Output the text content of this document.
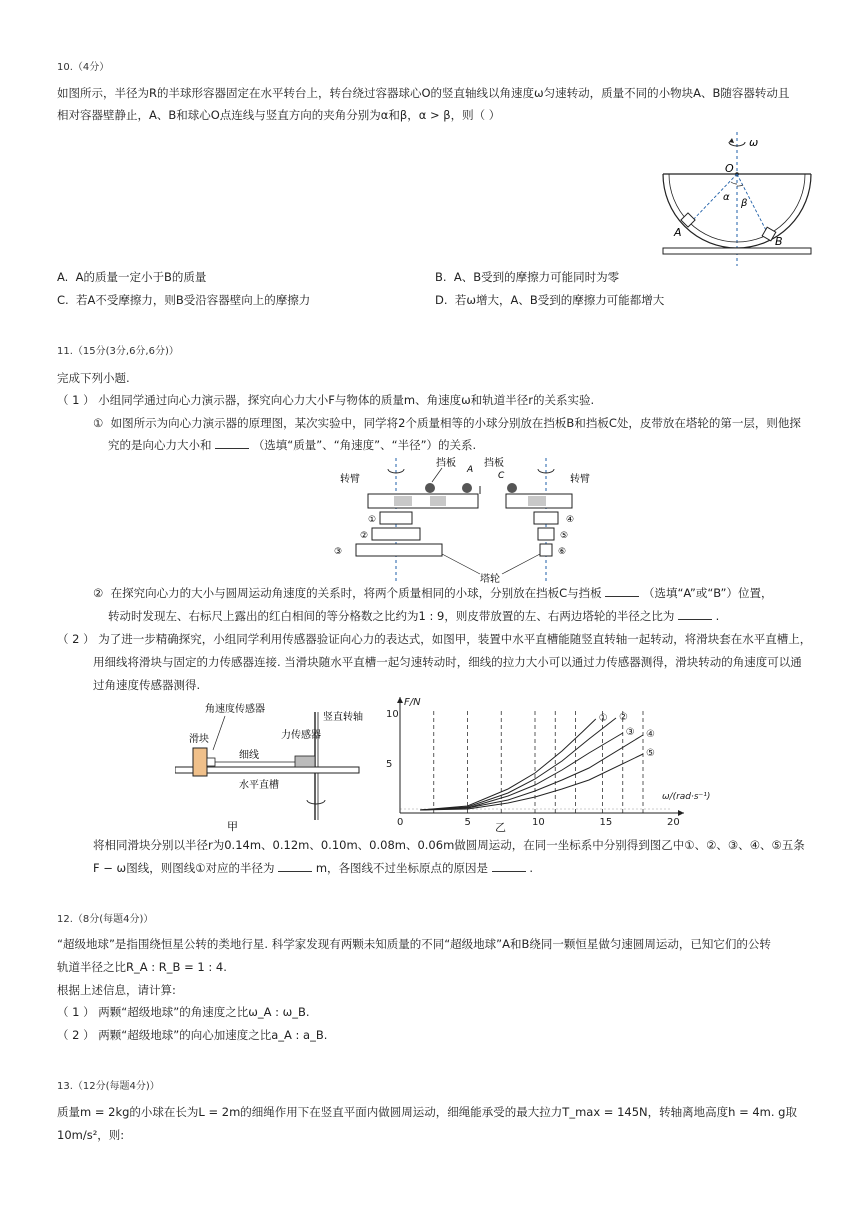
10.（4分）
如图所示，半径为R的半球形容器固定在水平转台上，转台绕过容器球心O的竖直轴线以角速度ω匀速转动，质量不同的小物块A、B随容器转动且
相对容器壁静止，A、B和球心O点连线与竖直方向的夹角分别为α和β，α > β，则（ ）
ω
O
α
β
A
B
A. A的质量一定小于B的质量	B. A、B受到的摩擦力可能同时为零
C. 若A不受摩擦力，则B受沿容器壁向上的摩擦力	D. 若ω增大，A、B受到的摩擦力可能都增大
11.（15分(3分,6分,6分)）
完成下列小题.
（ 1 ） 小组同学通过向心力演示器，探究向心力大小F与物体的质量m、角速度ω和轨道半径r的关系实验.
① 如图所示为向心力演示器的原理图，某次实验中，同学将2个质量相等的小球分别放在挡板B和挡板C处，皮带放在塔轮的第一层，则他探
究的是向心力大小和	（选填“质量”、“角速度”、“半径”）的关系.
转臂
挡板
A
挡板
C
①
②
③
转臂
④
⑤
⑥
塔轮
② 在探究向心力的大小与圆周运动角速度的关系时，将两个质量相同的小球，分别放在挡板C与挡板	（选填“A”或“B”）位置，
转动时发现左、右标尺上露出的红白相间的等分格数之比约为1 : 9，则皮带放置的左、右两边塔轮的半径之比为	.
（ 2 ） 为了进一步精确探究，小组同学利用传感器验证向心力的表达式，如图甲，装置中水平直槽能随竖直转轴一起转动，将滑块套在水平直槽上，
用细线将滑块与固定的力传感器连接. 当滑块随水平直槽一起匀速转动时，细线的拉力大小可以通过力传感器测得，滑块转动的角速度可以通
过角速度传感器测得.
角速度传感器
竖直转轴
滑块
细线
力传感器
水平直槽
甲	0	5	10	15	20
5
10
F/N
ω/(rad·s⁻¹)
乙
① ②
③ ④
⑤
将相同滑块分别以半径r为0.14m、0.12m、0.10m、0.08m、0.06m做圆周运动，在同一坐标系中分别得到图乙中①、②、③、④、⑤五条
F − ω图线，则图线①对应的半径为	m，各图线不过坐标原点的原因是	.
12.（8分(每题4分)）
“超级地球”是指围绕恒星公转的类地行星. 科学家发现有两颗未知质量的不同“超级地球”A和B绕同一颗恒星做匀速圆周运动，已知它们的公转
轨道半径之比R_A : R_B = 1 : 4.
根据上述信息，请计算:
（ 1 ） 两颗“超级地球”的角速度之比ω_A : ω_B.
（ 2 ） 两颗“超级地球”的向心加速度之比a_A : a_B.
13.（12分(每题4分)）
质量m = 2kg的小球在长为L = 2m的细绳作用下在竖直平面内做圆周运动，细绳能承受的最大拉力T_max = 145N，转轴离地高度h = 4m. g取
10m/s²，则:
